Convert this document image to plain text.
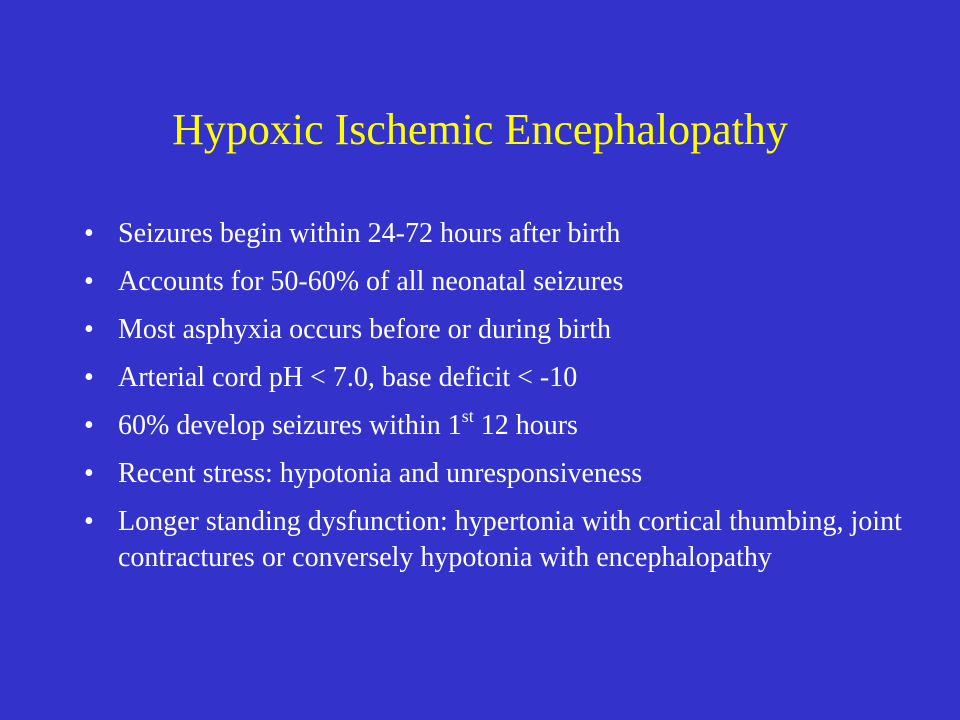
Hypoxic Ischemic Encephalopathy
• Seizures begin within 24-72 hours after birth
• Accounts for 50-60% of all neonatal seizures
• Most asphyxia occurs before or during birth
• Arterial cord pH < 7.0, base deficit < -10
• 60% develop seizures within 1st 12 hours
• Recent stress: hypotonia and unresponsiveness
• Longer standing dysfunction: hypertonia with cortical thumbing, joint contractures or conversely hypotonia with encephalopathy
